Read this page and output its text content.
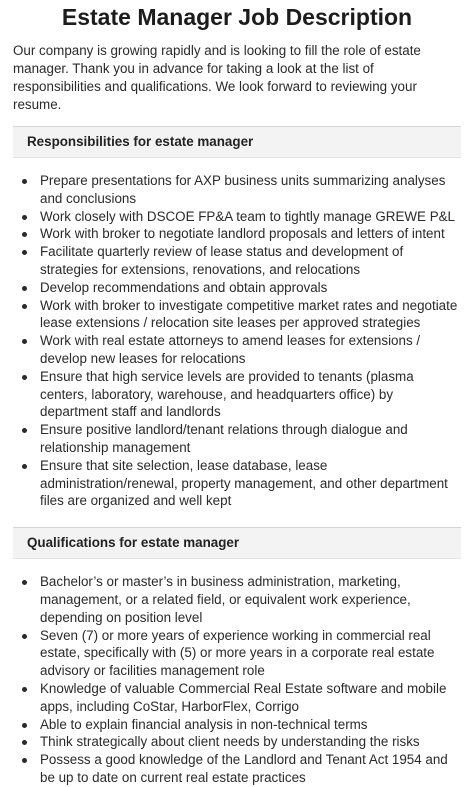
Estate Manager Job Description

Our company is growing rapidly and is looking to fill the role of estate manager. Thank you in advance for taking a look at the list of responsibilities and qualifications. We look forward to reviewing your resume.

Responsibilities for estate manager
Prepare presentations for AXP business units summarizing analyses and conclusions
Work closely with DSCOE FP&A team to tightly manage GREWE P&L
Work with broker to negotiate landlord proposals and letters of intent
Facilitate quarterly review of lease status and development of strategies for extensions, renovations, and relocations
Develop recommendations and obtain approvals
Work with broker to investigate competitive market rates and negotiate lease extensions / relocation site leases per approved strategies
Work with real estate attorneys to amend leases for extensions / develop new leases for relocations
Ensure that high service levels are provided to tenants (plasma centers, laboratory, warehouse, and headquarters office) by department staff and landlords
Ensure positive landlord/tenant relations through dialogue and relationship management
Ensure that site selection, lease database, lease administration/renewal, property management, and other department files are organized and well kept
Qualifications for estate manager
Bachelor’s or master’s in business administration, marketing, management, or a related field, or equivalent work experience, depending on position level
Seven (7) or more years of experience working in commercial real estate, specifically with (5) or more years in a corporate real estate advisory or facilities management role
Knowledge of valuable Commercial Real Estate software and mobile apps, including CoStar, HarborFlex, Corrigo
Able to explain financial analysis in non-technical terms
Think strategically about client needs by understanding the risks
Possess a good knowledge of the Landlord and Tenant Act 1954 and be up to date on current real estate practices
